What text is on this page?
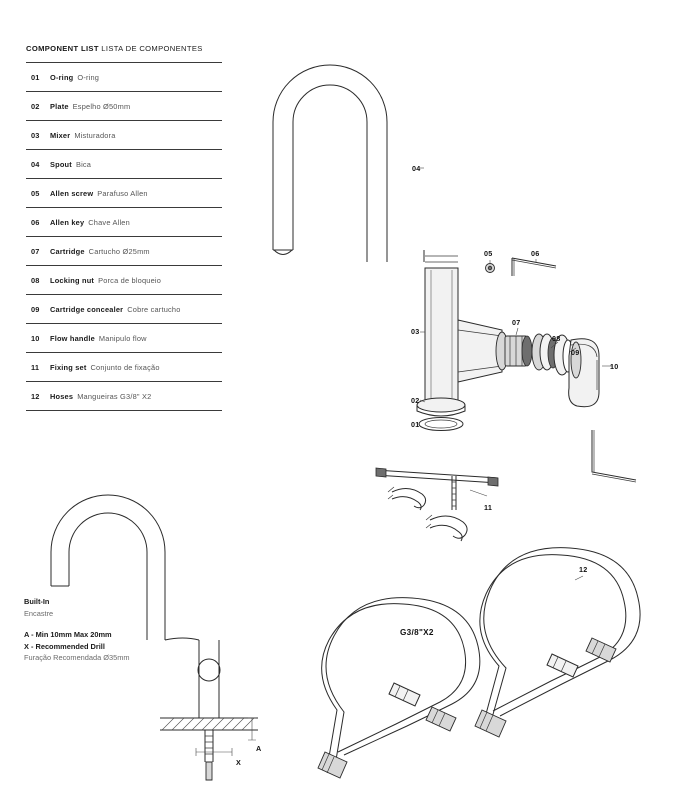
COMPONENT LIST LISTA DE COMPONENTES
01	O-ring O-ring
02	Plate Espelho Ø50mm
03	Mixer Misturadora
04	Spout Bica
05	Allen screw Parafuso Allen
06	Allen key Chave Allen
07	Cartridge Cartucho Ø25mm
08	Locking nut Porca de bloqueio
09	Cartridge concealer Cobre cartucho
10	Flow handle Manipulo flow
11	Fixing set Conjunto de fixação
12	Hoses Mangueiras G3/8" X2
Built-In
Encastre
A - Min 10mm Max 20mm
X - Recommended Drill
Furação Recomendada Ø35mm
04
03
02
01
05	06
07
08
09
10
11
12
G3/8"X2
A
X
